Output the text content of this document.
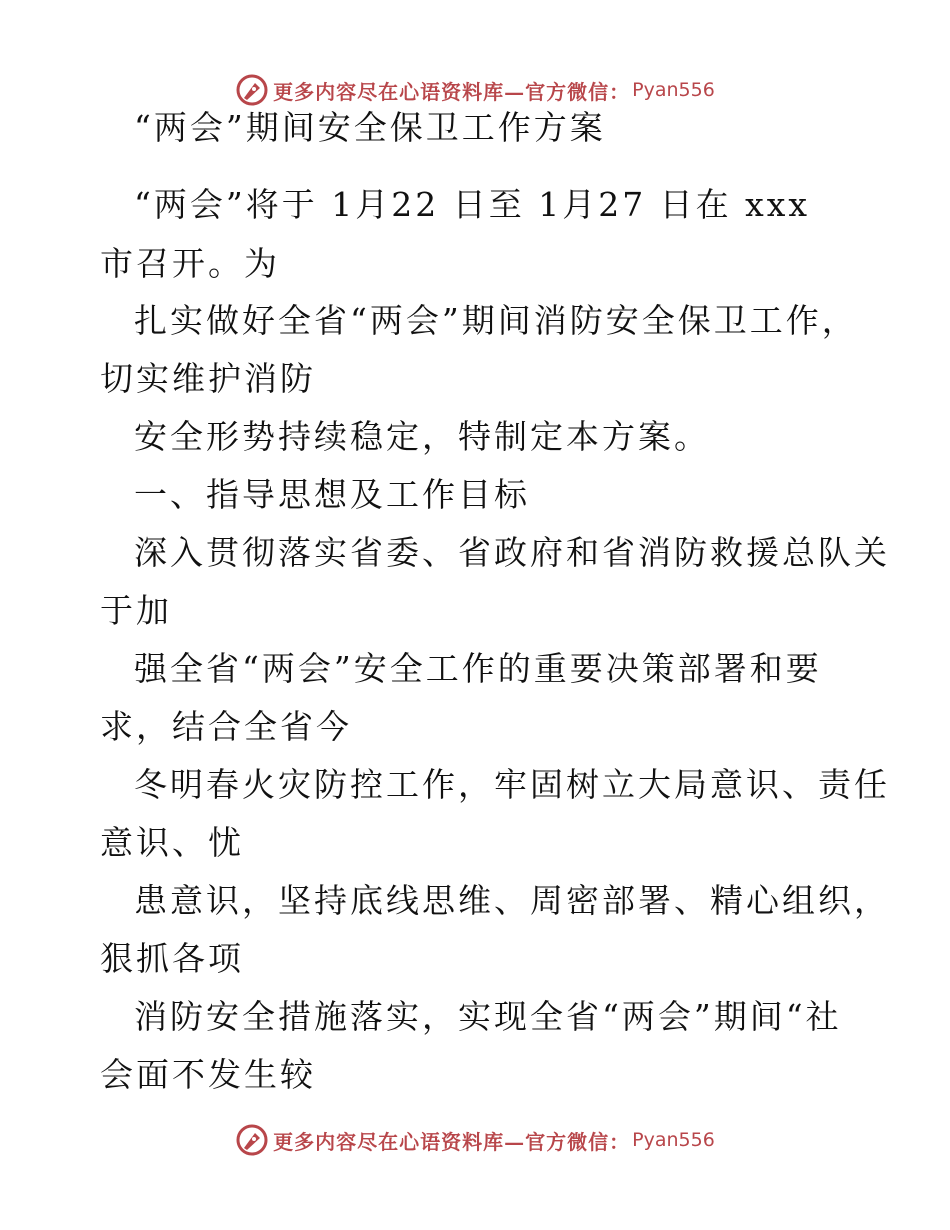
更多内容尽在心语资料库—官方微信： Pyan556
“两会”期间安全保卫工作方案
“两会”将于 1月22 日至 1月27 日在 xxx
市召开。为
扎实做好全省“两会”期间消防安全保卫工作，
切实维护消防
安全形势持续稳定，特制定本方案。
一、指导思想及工作目标
深入贯彻落实省委、省政府和省消防救援总队关
于加
强全省“两会”安全工作的重要决策部署和要
求，结合全省今
冬明春火灾防控工作，牢固树立大局意识、责任
意识、忧
患意识，坚持底线思维、周密部署、精心组织，
狠抓各项
消防安全措施落实，实现全省“两会”期间“社
会面不发生较
更多内容尽在心语资料库—官方微信： Pyan556
